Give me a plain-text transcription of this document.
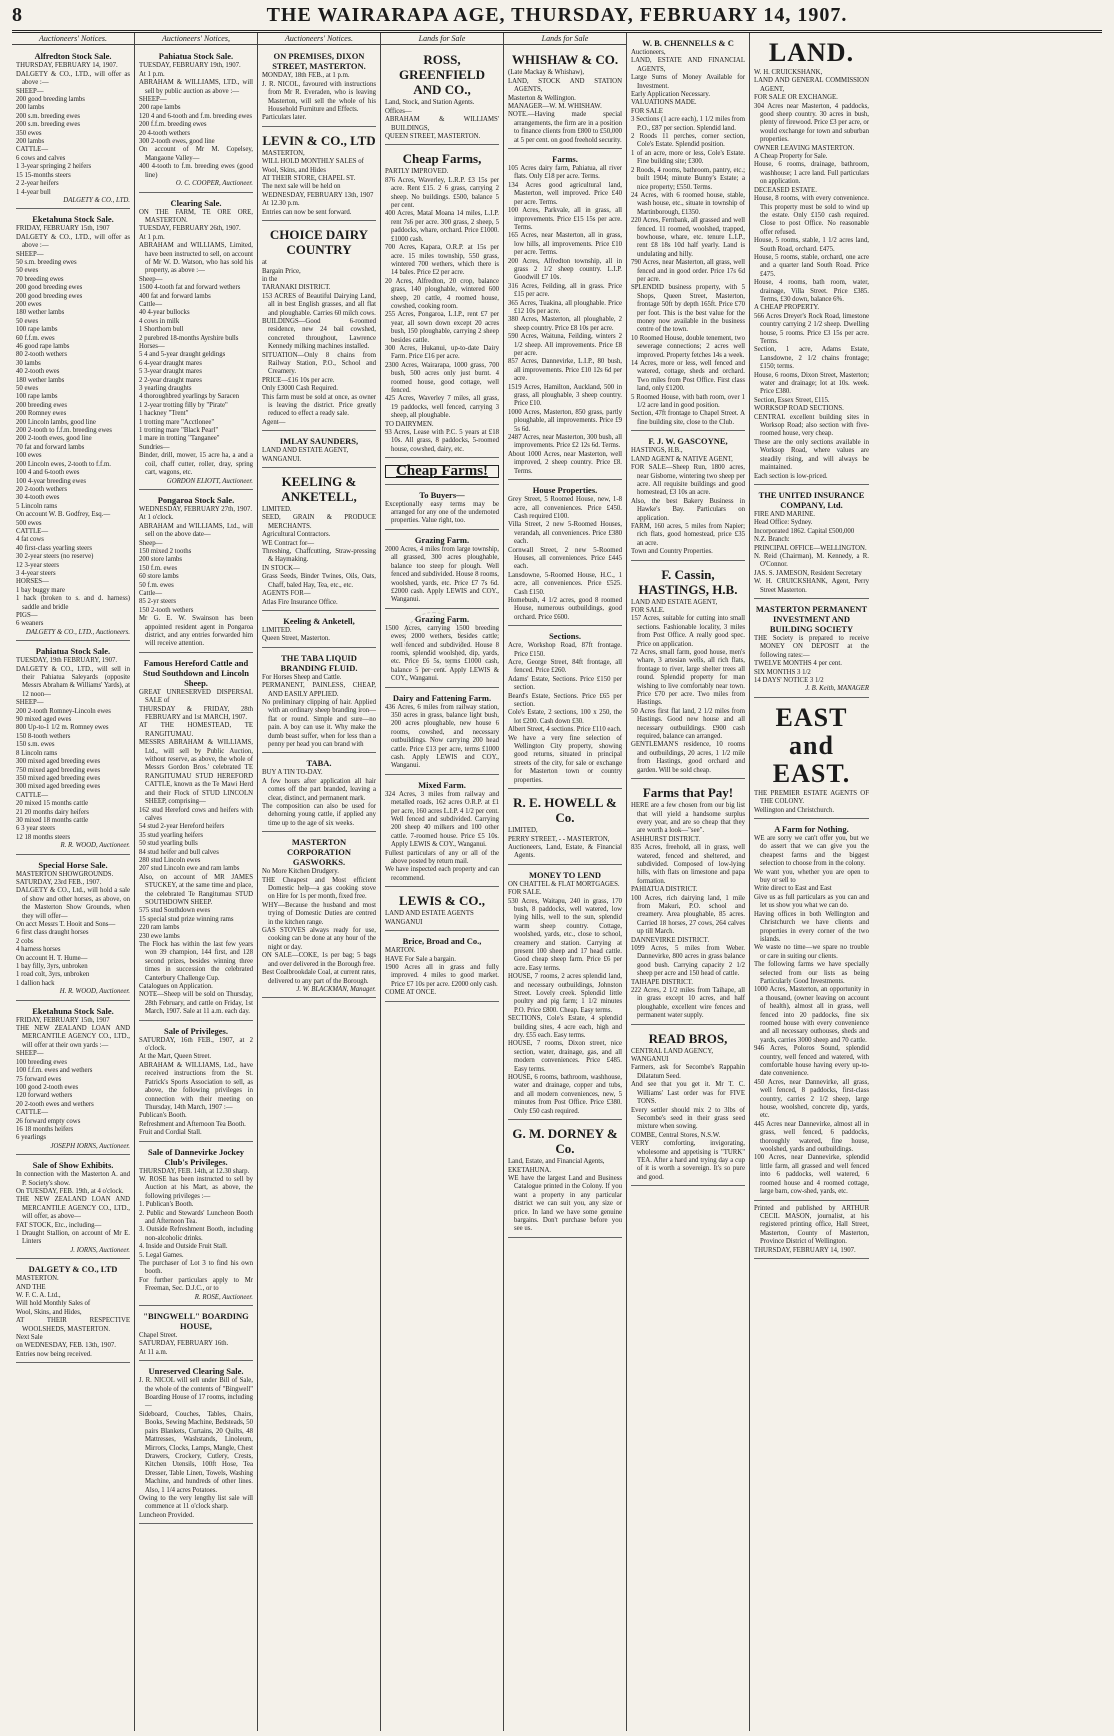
8	THE WAIRARAPA AGE, THURSDAY, FEBRUARY 14, 1907.
Auctioneers' Notices.
Alfredton Stock Sale.

THURSDAY, FEBRUARY 14, 1907.

DALGETY & CO., LTD., will offer as above :—

SHEEP—

200 good breeding lambs

200 lambs

200 s.m. breeding ewes

200 s.m. breeding ewes

350 ewes

200 lambs

CATTLE—

6 cows and calves

1 3-year springing 2 heifers

15 15-months steers

2 2-year heifers

1 4-year bull

DALGETY & CO., LTD.
Eketahuna Stock Sale.

FRIDAY, FEBRUARY 15th, 1907

DALGETY & CO., LTD., will offer as above :—

SHEEP—

50 s.m. breeding ewes

50 ewes

70 breeding ewes

200 good breeding ewes

200 good breeding ewes

200 ewes

180 wether lambs

50 ewes

100 rape lambs

60 f.f.m. ewes

46 good rape lambs

80 2-tooth wethers

30 lambs

40 2-tooth ewes

180 wether lambs

50 ewes

100 rape lambs

200 breeding ewes

200 Romney ewes

200 Lincoln lambs, good line

200 2-tooth to f.f.m. breeding ewes

200 2-tooth ewes, good line

70 fat and forward lambs

100 ewes

200 Lincoln ewes, 2-tooth to f.f.m.

100 4 and 6-tooth ewes

100 4-year breeding ewes

20 2-tooth wethers

30 4-tooth ewes

5 Lincoln rams

On account W. B. Godfrey, Esq.—

500 ewes

CATTLE—

4 fat cows

40 first-class yearling steers

30 2-year steers (no reserve)

12 3-year steers

3 4-year steers

HORSES—

1 bay buggy mare

1 hack (broken to s. and d. harness) saddle and bridle

PIGS—

6 weaners

DALGETY & CO., LTD., Auctioneers.
Pahiatua Stock Sale.

TUESDAY, 19th FEBRUARY, 1907.

DALGETY & CO., LTD., will sell in their Pahiatua Saleyards (opposite Messrs Abraham & Williams' Yards), at 12 noon—

SHEEP—

200 2-tooth Romney-Lincoln ewes

90 mixed aged ewes

800 Up-to-1 1/2 m. Romney ewes

150 8-tooth wethers

150 s.m. ewes

8 Lincoln rams

300 mixed aged breeding ewes

750 mixed aged breeding ewes

350 mixed aged breeding ewes

300 mixed aged breeding ewes

CATTLE—

20 mixed 15 months cattle

21 20 months dairy heifers

30 mixed 18 months cattle

6 3 year steers

12 18 months steers

R. R. WOOD, Auctioneer.
Special Horse Sale.

MASTERTON SHOWGROUNDS.

SATURDAY, 23rd FEB., 1907.

DALGETY & CO., Ltd., will hold a sale of show and other horses, as above, on the Masterton Show Grounds, when they will offer—

On acct Messrs T. Hooit and Sons—

6 first class draught horses

2 cobs

4 harness horses

On account H. T. Hume—

1 bay filly, 3yrs, unbroken

1 road colt, 3yrs, unbroken

1 dallion hack

H. R. WOOD, Auctioneer.
Eketahuna Stock Sale.

FRIDAY, FEBRUARY 15th, 1907

THE NEW ZEALAND LOAN AND MERCANTILE AGENCY CO., LTD., will offer at their own yards :—

SHEEP—

100 breeding ewes

100 f.f.m. ewes and wethers

75 forward ewes

100 good 2-tooth ewes

120 forward wethers

20 2-tooth ewes and wethers

CATTLE—

26 forward empty cows

16 18 months heifers

6 yearlings

JOSEPH IORNS, Auctioneer.
Sale of Show Exhibits.

In connection with the Masterton A. and P. Society's show.

On TUESDAY, FEB. 19th, at 4 o'clock.

THE NEW ZEALAND LOAN AND MERCANTILE AGENCY CO., LTD., will offer, as above—

FAT STOCK, Etc., including—

1 Draught Stallion, on account of Mr E. Linters

J. IORNS, Auctioneer.
DALGETY & CO., LTD

MASTERTON.

AND THE

W. F. C. A. Ltd.,

Will hold Monthly Sales of

Wool, Skins, and Hides,

AT THEIR RESPECTIVE WOOLSHEDS, MASTERTON.

Next Sale

on WEDNESDAY, FEB. 13th, 1907.

Entries now being received.

Auctioneers' Notices,
Pahiatua Stock Sale.

TUESDAY, FEBRUARY 19th, 1907.

At 1 p.m.

ABRAHAM & WILLIAMS, LTD., will sell by public auction as above :—

SHEEP—

200 rape lambs

120 4 and 6-tooth and f.m. breeding ewes

200 f.f.m. breeding ewes

20 4-tooth wethers

300 2-tooth ewes, good line

On account of Mr M. Copelsey, Mangaone Valley—

400 4-tooth to f.m. breeding ewes (good line)

O. C. COOPER, Auctioneer.
Clearing Sale.

ON THE FARM, TE ORE ORE, MASTERTON.

TUESDAY, FEBRUARY 26th, 1907.

At 1 p.m.

ABRAHAM and WILLIAMS, Limited, have been instructed to sell, on account of Mr W. D. Watson, who has sold his property, as above :—

Sheep—

1500 4-tooth fat and forward wethers

400 fat and forward lambs

Cattle—

40 4-year bullocks

4 cows in milk

1 Shorthorn bull

2 purebred 18-months Ayrshire bulls

Horses—

5 4 and 5-year draught geldings

6 4-year draught mares

5 3-year draught mares

2 2-year draught mares

3 yearling draughts

4 thoroughbred yearlings by Saracen

1 2-year trotting filly by "Pirate"

1 hackney "Trent"

1 trotting mare "Acctlonee"

1 trotting mare "Black Pearl"

1 mare in trotting "Tanganee"

Sundries—

Binder, drill, mower, 15 acre ha, a and a coil, chaff cutter, roller, dray, spring cart, wagons, etc.

GORDON ELIOTT, Auctioneer.
Pongaroa Stock Sale.

WEDNESDAY, FEBRUARY 27th, 1907.

At 1 o'clock.

ABRAHAM and WILLIAMS, Ltd., will sell on the above date—

Sheep—

150 mixed 2 tooths

200 store lambs

150 f.m. ewes

60 store lambs

50 f.m. ewes

Cattle—

85 2-yr steers

150 2-tooth wethers

Mr G. E. W. Swainson has been appointed resident agent in Pongaroa district, and any entries forwarded him will receive attention.

Famous Hereford Cattle and Stud Southdown and Lincoln Sheep.

GREAT UNRESERVED DISPERSAL SALE of

THURSDAY & FRIDAY, 28th FEBRUARY and 1st MARCH, 1907.

AT THE HOMESTEAD, TE RANGITUMAU.

MESSRS ABRAHAM & WILLIAMS, Ltd., will sell by Public Auction, without reserve, as above, the whole of Messrs Gordon Bros.' celebrated TE RANGITUMAU STUD HEREFORD CATTLE, known as the Te Mawi Herd and their Flock of STUD LINCOLN SHEEP, comprising—

162 stud Hereford cows and heifers with calves

54 stud 2-year Hereford heifers

35 stud yearling heifers

50 stud yearling bulls

84 stud heifer and bull calves

280 stud Lincoln ewes

207 stud Lincoln ewe and ram lambs

Also, on account of MR JAMES STUCKEY, at the same time and place, the celebrated Te Rangitumau STUD SOUTHDOWN SHEEP.

575 stud Southdown ewes

15 special stud prize winning rams

220 ram lambs

230 ewe lambs

The Flock has within the last few years won 39 champion, 144 first, and 128 second prizes, besides winning three times in succession the celebrated Canterbury Challenge Cup.

Catalogues on Application.

NOTE—Sheep will be sold on Thursday, 28th February, and cattle on Friday, 1st March, 1907. Sale at 11 a.m. each day.

Sale of Privileges.

SATURDAY, 16th FEB., 1907, at 2 o'clock.

At the Mart, Queen Street.

ABRAHAM & WILLIAMS, Ltd., have received instructions from the St. Patrick's Sports Association to sell, as above, the following privileges in connection with their meeting on Thursday, 14th March, 1907 :—

Publican's Booth.

Refreshment and Afternoon Tea Booth.

Fruit and Cordial Stall.

Sale of Dannevirke Jockey Club's Privileges.

THURSDAY, FEB. 14th, at 12.30 sharp.

W. ROSE has been instructed to sell by Auction at his Mart, as above, the following privileges :—

1. Publican's Booth.

2. Public and Stewards' Luncheon Booth and Afternoon Tea.

3. Outside Refreshment Booth, including non-alcoholic drinks.

4. Inside and Outside Fruit Stall.

5. Legal Games.

The purchaser of Lot 3 to find his own booth.

For further particulars apply to Mr Freeman, Sec. D.J.C., or to

R. ROSE, Auctioneer.
"BINGWELL" BOARDING HOUSE,

Chapel Street.

SATURDAY, FEBRUARY 16th.

At 11 a.m.

Unreserved Clearing Sale.

J. R. NICOL will sell under Bill of Sale, the whole of the contents of "Bingwell" Boarding House of 17 rooms, including—

Sideboard, Couches, Tables, Chairs, Books, Sewing Machine, Bedsteads, 50 pairs Blankets, Curtains, 20 Quilts, 48 Mattresses, Washstands, Linoleum, Mirrors, Clocks, Lamps, Mangle, Chest Drawers, Crockery, Cutlery, Crests, Kitchen Utensils, 100ft Hose, Tea Dresser, Table Linen, Towels, Washing Machine, and hundreds of other lines. Also, 1 1/4 acres Potatoes.

Owing to the very lengthy list sale will commence at 11 o'clock sharp.

Luncheon Provided.

Auctioneers' Notices.
ON PREMISES, DIXON STREET, MASTERTON.

MONDAY, 18th FEB., at 1 p.m.

J. R. NICOL, favoured with instructions from Mr R. Everaden, who is leaving Masterton, will sell the whole of his Household Furniture and Effects.

Particulars later.

LEVIN & CO., LTD

MASTERTON,

WILL HOLD MONTHLY SALES of

Wool, Skins, and Hides

AT THEIR STORE, CHAPEL ST.

The next sale will be held on

WEDNESDAY, FEBRUARY 13th, 1907

At 12.30 p.m.

Entries can now be sent forward.

CHOICE DAIRY COUNTRY

at

Bargain Price,

in the

TARANAKI DISTRICT.

153 ACRES of Beautiful Dairying Land, all in best English grasses, and all flat and ploughable. Carries 60 milch cows.

BUILDINGS—Good 6-roomed residence, new 24 bail cowshed, concreted throughout, Lawrence Kennedy milking machines installed.

SITUATION—Only 8 chains from Railway Station, P.O., School and Creamery.

PRICE—£16 10s per acre.

Only £3000 Cash Required.

This farm must be sold at once, as owner is leaving the district. Price greatly reduced to effect a ready sale.

Agent—

IMLAY SAUNDERS,

LAND AND ESTATE AGENT,

WANGANUI.

KEELING & ANKETELL,

LIMITED.

SEED, GRAIN & PRODUCE MERCHANTS.

Agricultural Contractors.

WE Contract for—

Threshing, Chaffcutting, Straw-pressing & Haymaking.

IN STOCK—

Grass Seeds, Binder Twines, Oils, Oats, Chaff, baled Hay, Tea, etc., etc.

AGENTS FOR—

Atlas Fire Insurance Office.

Keeling & Anketell,

LIMITED.

Queen Street, Masterton.

THE TABA LIQUID BRANDING FLUID.

For Horses Sheep and Cattle.

PERMANENT, PAINLESS, CHEAP, AND EASILY APPLIED.

No preliminary clipping of hair. Applied with an ordinary sheep branding iron—flat or round. Simple and sure—no pain. A boy can use it. Why make the dumb beast suffer, when for less than a penny per head you can brand with

TABA.

BUY A TIN TO-DAY.

A few hours after application all hair comes off the part branded, leaving a clear, distinct, and permanent mark.

The composition can also be used for dehorning young cattle, if applied any time up to the age of six weeks.

MASTERTON CORPORATION GASWORKS.

No More Kitchen Drudgery.

THE Cheapest and Most efficient Domestic help—a gas cooking stove on Hire for 1s per month, fixed free.

WHY—Because the husband and most trying of Domestic Duties are centred in the kitchen range.

GAS STOVES always ready for use, cooking can be done at any hour of the night or day.

ON SALE—COKE, 1s per bag; 5 bags and over delivered in the Borough free.

Best Coalbrookdale Coal, at current rates, delivered to any part of the Borough.

J. W. BLACKMAN, Manager.
Lands for Sale
ROSS, GREENFIELD AND CO.,

Land, Stock, and Station Agents.

Offices—

ABRAHAM & WILLIAMS' BUILDINGS,

QUEEN STREET, MASTERTON.

Cheap Farms,

PARTLY IMPROVED.

876 Acres, Waverley, L.R.P. £3 15s per acre. Rent £15. 2 6 grass, carrying 2 sheep. No buildings. £500, balance 5 per cent.

400 Acres, Mataï Moana 14 miles, L.I.P. rent 7s6 per acre. 300 grass, 2 sheep, 5 paddocks, whare, orchard. Price £1000. £1000 cash.

700 Acres, Kapara, O.R.P. at 15s per acre. 15 miles township, 550 grass, wintered 700 wethers, which there is 14 bales. Price £2 per acre.

20 Acres, Alfredton, 20 crop, balance grass, 140 ploughable, wintered 600 sheep, 20 cattle, 4 roomed house, cowshed, cooking room.

255 Acres, Pongaroa, L.I.P., rent £7 per year, all sown down except 20 acres bush, 150 ploughable, carrying 2 sheep besides cattle.

300 Acres, Hukanui, up-to-date Dairy Farm. Price £16 per acre.

2300 Acres, Wairarapa, 1000 grass, 700 bush, 500 acres only just burnt. 4 roomed house, good cottage, well fenced.

425 Acres, Waverley 7 miles, all grass, 19 paddocks, well fenced, carrying 3 sheep, all ploughable.

TO DAIRYMEN.

93 Acres, Lease with P.C. 5 years at £18 10s. All grass, 8 paddocks, 5-roomed house, cowshed, dairy, etc.

Cheap Farms!
To Buyers—

Exceptionally easy terms may be arranged for any one of the undernoted properties. Value right, too.

Grazing Farm.

2000 Acres, 4 miles from large township, all grassed, 300 acres ploughable, balance too steep for plough. Well fenced and subdivided. House 8 rooms, woolshed, yards, etc. Price £7 7s 6d. £2000 cash. Apply LEWIS and COY., Wanganui.

Grazing Farm.

1500 Acres, carrying 1500 breeding ewes, 2000 wethers, besides cattle; well fenced and subdivided. House 8 rooms, splendid woolshed, dip, yards, etc. Price £6 5s, terms £1000 cash, balance 5 per cent. Apply LEWIS & COY., Wanganui.

Dairy and Fattening Farm.

436 Acres, 6 miles from railway station, 350 acres in grass, balance light bush, 200 acres ploughable, new house 6 rooms, cowshed, and necessary outbuildings. Now carrying 200 head cattle. Price £13 per acre, terms £1000 cash. Apply LEWIS and COY., Wanganui.

Mixed Farm.

324 Acres, 3 miles from railway and metalled roads, 162 acres O.R.P. at £1 per acre, 160 acres L.I.P. 4 1/2 per cent. Well fenced and subdivided. Carrying 200 sheep 40 milkers and 100 other cattle. 7-roomed house. Price £5 10s. Apply LEWIS & COY., Wanganui.

Fullest particulars of any or all of the above posted by return mail.

We have inspected each property and can recommend.

LEWIS & CO.,

LAND AND ESTATE AGENTS

WANGANUI

Brice, Broad and Co.,

MARTON.

HAVE For Sale a bargain.

1900 Acres all in grass and fully improved. 4 miles to good market. Price £7 10s per acre. £2000 only cash.

COME AT ONCE.

Lands for Sale
WHISHAW & CO.

(Late Mackay & Whishaw),

LAND, STOCK AND STATION AGENTS,

Masterton & Wellington.

MANAGER—W. M. WHISHAW.

NOTE.—Having made special arrangements, the firm are in a position to finance clients from £800 to £50,000 at 5 per cent. on good freehold security.

Farms.

105 Acres dairy farm, Pahiatua, all river flats. Only £18 per acre. Terms.

134 Acres good agricultural land, Masterton, well improved. Price £40 per acre. Terms.

100 Acres, Parkvale, all in grass, all improvements. Price £15 15s per acre. Terms.

165 Acres, near Masterton, all in grass, low hills, all improvements. Price £10 per acre. Terms.

200 Acres, Alfredton township, all in grass 2 1/2 sheep country. L.I.P. Goodwill £7 10s.

316 Acres, Feilding, all in grass. Price £15 per acre.

365 Acres, Tuakina, all ploughable. Price £12 10s per acre.

380 Acres, Masterton, all ploughable, 2 sheep country. Price £8 10s per acre.

590 Acres, Waituna, Feilding, winters 2 1/2 sheep. All improvements. Price £8 per acre.

857 Acres, Dannevirke, L.I.P., 80 bush, all improvements. Price £10 12s 6d per acre.

1519 Acres, Hamilton, Auckland, 500 in grass, all ploughable, 3 sheep country. Price £10.

1000 Acres, Masterton, 850 grass, partly ploughable, all improvements. Price £9 5s 6d.

2487 Acres, near Masterton, 300 bush, all improvements. Price £2 12s 6d. Terms.

About 1000 Acres, near Masterton, well improved, 2 sheep country. Price £8. Terms.

House Properties.

Grey Street, 5 Roomed House, new, 1-8 acre, all conveniences. Price £450. Cash required £100.

Villa Street, 2 new 5-Roomed Houses, verandah, all conveniences. Price £380 each.

Cornwall Street, 2 new 5-Roomed Houses, all conveniences. Price £445 each.

Lansdowne, 5-Roomed House, H.C., 1 acre, all conveniences. Price £525. Cash £150.

Homebush, 4 1/2 acres, good 8 roomed House, numerous outbuildings, good orchard. Price £600.

Sections.

Acre, Workshop Road, 87ft frontage. Price £150.

Acre, George Street, 84ft frontage, all fenced. Price £260.

Adams' Estate, Sections. Price £150 per section.

Beard's Estate, Sections. Price £65 per section.

Cole's Estate, 2 sections, 100 x 250, the lot £200. Cash down £30.

Albert Street, 4 sections. Price £110 each.

We have a very fine selection of Wellington City property, showing good returns, situated in principal streets of the city, for sale or exchange for Masterton town or country properties.

R. E. HOWELL & Co.

LIMITED,

PERRY STREET, - - MASTERTON,

Auctioneers, Land, Estate, & Financial Agents.

MONEY TO LEND

ON CHATTEL & FLAT MORTGAGES.

FOR SALE.

530 Acres, Waitapu, 240 in grass, 170 bush, 8 paddocks, well watered, low lying hills, well to the sun, splendid warm sheep country. Cottage, woolshed, yards, etc., close to school, creamery and station. Carrying at present 100 sheep and 17 head cattle. Good cheap sheep farm. Price £6 per acre. Easy terms.

HOUSE, 7 rooms, 2 acres splendid land, and necessary outbuildings, Johnston Street. Lovely creek. Splendid little poultry and pig farm; 1 1/2 minutes P.O. Price £800. Cheap. Easy terms.

SECTIONS, Cole's Estate, 4 splendid building sites, 4 acre each, high and dry. £55 each. Easy terms.

HOUSE, 7 rooms, Dixon street, nice section, water, drainage, gas, and all modern conveniences. Price £485. Easy terms.

HOUSE, 6 rooms, bathroom, washhouse, water and drainage, copper and tubs, and all modern conveniences, new, 5 minutes from Post Office. Price £380. Only £50 cash required.

G. M. DORNEY & Co.

Land, Estate, and Financial Agents,

EKETAHUNA.

WE have the largest Land and Business Catalogue printed in the Colony. If you want a property in any particular district we can suit you, any size or price. In land we have some genuine bargains. Don't purchase before you see us.

W. B. CHENNELLS & C

Auctioneers,

LAND, ESTATE AND FINANCIAL AGENTS,

Large Sums of Money Available for Investment.

Early Application Necessary.

VALUATIONS MADE.

FOR SALE

3 Sections (1 acre each), 1 1/2 miles from P.O., £87 per section. Splendid land.

2 Roods 11 perches, corner section, Cole's Estate. Splendid position.

1 of an acre, more or less, Cole's Estate. Fine building site; £300.

2 Roods, 4 rooms, bathroom, pantry, etc.; built 1904; minute Bunny's Estate; a nice property; £550. Terms.

24 Acres, with 6 roomed house, stable, wash house, etc., situate in township of Martinborough, £1350.

220 Acres, Fernbank, all grassed and well fenced. 11 roomed, woolshed, trapped, bowhouse, whare, etc. tenure L.I.P., rent £8 18s 10d half yearly. Land is undulating and hilly.

790 Acres, near Masterton, all grass, well fenced and in good order. Price 17s 6d per acre.

SPLENDID business property, with 5 Shops, Queen Street, Masterton, frontage 50ft by depth 165ft. Price £70 per foot. This is the best value for the money now available in the business centre of the town.

10 Roomed House, double tenement, two sewerage connections; 2 acres well improved. Property fetches 14s a week.

14 Acres, more or less, well fenced and watered, cottage, sheds and orchard. Two miles from Post Office. First class land, only £1200.

5 Roomed House, with bath room, over 1 1/2 acre land in good position.

Section, 47ft frontage to Chapel Street. A fine building site, close to the Club.

F. J. W. GASCOYNE,

HASTINGS, H.B.,

LAND AGENT & NATIVE AGENT,

FOR SALE—Sheep Run, 1800 acres, near Gisborne, wintering two sheep per acre. All requisite buildings and good homestead, £3 10s an acre.

Also, the best Bakery Business in Hawke's Bay. Particulars on application.

FARM, 160 acres, 5 miles from Napier; rich flats, good homestead, price £35 an acre.

Town and Country Properties.

F. Cassin, HASTINGS, H.B.

LAND AND ESTATE AGENT,

FOR SALE.

157 Acres, suitable for cutting into small sections. Fashionable locality, 3 miles from Post Office. A really good spec. Price on application.

72 Acres, small farm, good house, men's whare, 3 artesian wells, all rich flats, frontage to river, large shelter trees all round. Splendid property for man wishing to live comfortably near town. Price £70 per acre. Two miles from Hastings.

50 Acres first flat land, 2 1/2 miles from Hastings. Good new house and all necessary outbuildings. £900 cash required, balance can arranged.

GENTLEMAN'S residence, 10 rooms and outbuildings, 20 acres, 1 1/2 mile from Hastings, good orchard and garden. Will be sold cheap.

Farms that Pay!

HERE are a few chosen from our big list that will yield a handsome surplus every year, and are so cheap that they are worth a look—"see".

ASHHURST DISTRICT.

835 Acres, freehold, all in grass, well watered, fenced and sheltered, and subdivided. Composed of low-lying hills, with flats on limestone and papa formation.

PAHIATUA DISTRICT.

100 Acres, rich dairying land, 1 mile from Makuri, P.O. school and creamery. Area ploughable, 85 acres. Carried 18 horses, 27 cows, 264 calves up till March.

DANNEVIRKE DISTRICT.

1099 Acres, 5 miles from Weber. Dannevirke, 800 acres in grass balance good bush. Carrying capacity 2 1/2 sheep per acre and 150 head of cattle.

TAIHAPE DISTRICT.

222 Acres, 2 1/2 miles from Taihape, all in grass except 10 acres, and half ploughable, excellent wire fences and permanent water supply.

READ BROS,

CENTRAL LAND AGENCY,

WANGANUI

Farmers, ask for Secombe's Rappahin Dilatatum Seed.

And see that you get it. Mr T. C. Williams' Last order was for FIVE TONS.

Every settler should mix 2 to 3lbs of Secombe's seed in their grass seed mixture when sowing.

COMBE, Central Stores, N.S.W.

VERY comforting, invigorating, wholesome and appetising is "TURK" TEA. After a hard and trying day a cup of it is worth a sovereign. It's so pure and good.

LAND.

W. H. CRUICKSHANK,

LAND AND GENERAL COMMISSION AGENT,

FOR SALE OR EXCHANGE.

304 Acres near Masterton, 4 paddocks, good sheep country. 30 acres in bush, plenty of firewood. Price £3 per acre, or would exchange for town and suburban properties.

OWNER LEAVING MASTERTON.

A Cheap Property for Sale.

House, 6 rooms, drainage, bathroom, washhouse; 1 acre land. Full particulars on application.

DECEASED ESTATE.

House, 8 rooms, with every convenience. This property must be sold to wind up the estate. Only £150 cash required. Close to post Office. No reasonable offer refused.

House, 5 rooms, stable, 1 1/2 acres land, South Road, orchard. £475.

House, 5 rooms, stable, orchard, one acre and a quarter land South Road. Price £475.

House, 4 rooms, bath room, water, drainage, Villa Street. Price £385. Terms, £30 down, balance 6%.

A CHEAP PROPERTY.

566 Acres Dreyer's Rock Road, limestone country carrying 2 1/2 sheep. Dwelling house, 5 rooms. Price £3 15s per acre. Terms.

Section, 1 acre, Adams Estate, Lansdowne, 2 1/2 chains frontage; £150; terms.

House, 6 rooms, Dixon Street, Masterton; water and drainage; lot at 10s. week. Price £380.

Section, Essex Street, £115.

WORKSOP ROAD SECTIONS.

CENTRAL excellent building sites in Worksop Road; also section with five-roomed house, very cheap.

These are the only sections available in Worksop Road, where values are steadily rising, and will always be maintained.

Each section is low-priced.

THE UNITED INSURANCE COMPANY, Ltd.

FIRE AND MARINE.

Head Office: Sydney.

Incorporated 1862. Capital £500,000

N.Z. Branch:

PRINCIPAL OFFICE—WELLINGTON.

N. Reid (Chairman), M. Kennedy, a R. O'Connor.

JAS. S. JAMESON, Resident Secretary

W. H. CRUICKSHANK, Agent, Perry Street Masterton.

MASTERTON PERMANENT INVESTMENT AND BUILDING SOCIETY

THE Society is prepared to receive MONEY ON DEPOSIT at the following rates:—

TWELVE MONTHS 4 per cent.

SIX MONTHS 3 1/2

14 DAYS' NOTICE 3 1/2

J. B. Keith, MANAGER
EAST and EAST.

THE PREMIER ESTATE AGENTS OF THE COLONY.

Wellington and Christchurch.

A Farm for Nothing.

WE are sorry we can't offer you, but we do assert that we can give you the cheapest farms and the biggest selection to choose from in the colony.

We want you, whether you are open to buy or sell to

Write direct to East and East

Give us as full particulars as you can and let us show you what we can do.

Having offices in both Wellington and Christchurch we have clients and properties in every corner of the two islands.

We waste no time—we spare no trouble or care in suiting our clients.

The following farms we have specially selected from our lists as being Particularly Good Investments.

1000 Acres, Masterton, an opportunity in a thousand, (owner leaving on account of health), almost all in grass, well fenced into 20 paddocks, fine six roomed house with every convenience and all necessary outhouses, sheds and yards, carries 3000 sheep and 70 cattle.

946 Acres, Poloros Sound, splendid country, well fenced and watered, with comfortable house having every up-to-date convenience.

450 Acres, near Dannevirke, all grass, well fenced, 8 paddocks, first-class country, carries 2 1/2 sheep, large house, woolshed, concrete dip, yards, etc.

445 Acres near Dannevirke, almost all in grass, well fenced, 6 paddocks, thoroughly watered, fine house, woolshed, yards and outbuildings.

100 Acres, near Dannevirke, splendid little farm, all grassed and well fenced into 6 paddocks, well watered, 6 roomed house and 4 roomed cottage, large barn, cow-shed, yards, etc.

Printed and published by ARTHUR CECIL MASON, journalist, at his registered printing office, Hall Street, Masterton, County of Masterton, Province District of Wellington.

THURSDAY, FEBRUARY 14, 1907.
